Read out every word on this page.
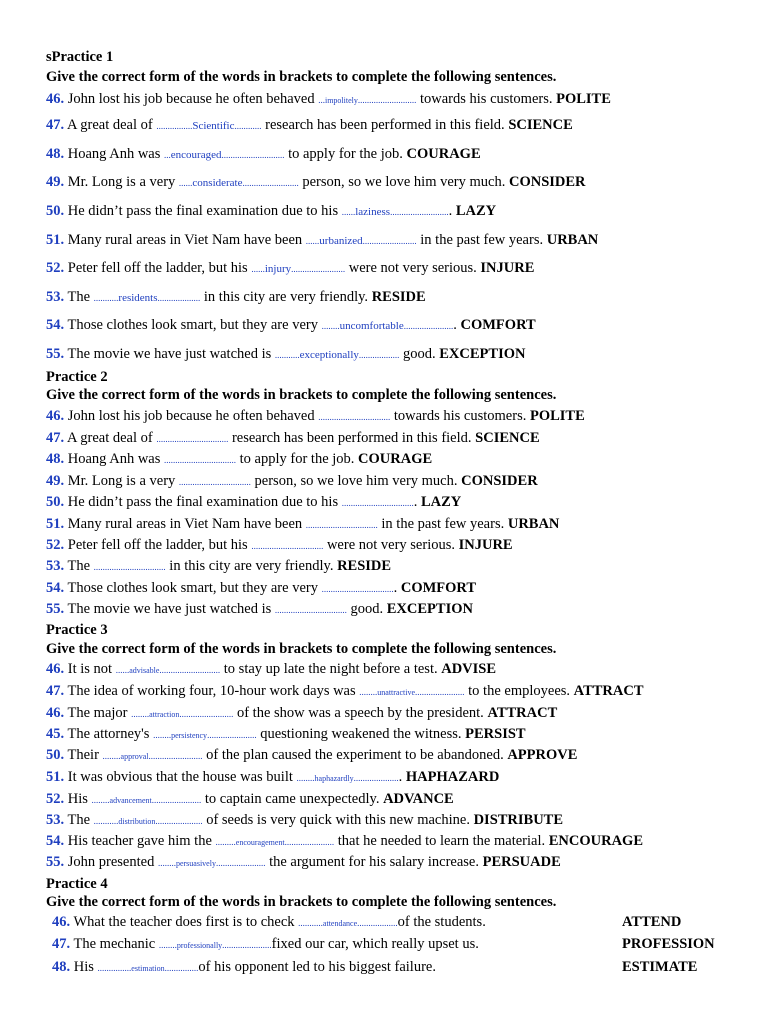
sPractice 1
Give the correct form of the words in brackets to complete the following sentences.
46. John lost his job because he often behaved ...impolitely.......................... towards his customers. POLITE
47. A great deal of ................Scientific............ research has been performed in this field. SCIENCE
48. Hoang Anh was ...encouraged............................ to apply for the job. COURAGE
49. Mr. Long is a very ......considerate......................... person, so we love him very much. CONSIDER
50. He didn’t pass the final examination due to his ......laziness........................... LAZY
51. Many rural areas in Viet Nam have been ......urbanized........................ in the past few years. URBAN
52. Peter fell off the ladder, but his ......injury........................ were not very serious. INJURE
53. The ...........residents................... in this city are very friendly. RESIDE
54. Those clothes look smart, but they are very ........uncomfortable....................... COMFORT
55. The movie we have just watched is ...........exceptionally.................. good. EXCEPTION
Practice 2
Give the correct form of the words in brackets to complete the following sentences.
46. John lost his job because he often behaved ................................ towards his customers. POLITE
47. A great deal of ................................ research has been performed in this field. SCIENCE
48. Hoang Anh was ................................ to apply for the job. COURAGE
49. Mr. Long is a very ................................ person, so we love him very much. CONSIDER
50. He didn’t pass the final examination due to his ................................. LAZY
51. Many rural areas in Viet Nam have been ................................ in the past few years. URBAN
52. Peter fell off the ladder, but his ................................ were not very serious. INJURE
53. The ................................ in this city are very friendly. RESIDE
54. Those clothes look smart, but they are very ................................. COMFORT
55. The movie we have just watched is ................................ good. EXCEPTION
Practice 3
Give the correct form of the words in brackets to complete the following sentences.
46. It is not ......advisable........................... to stay up late the night before a test. ADVISE
47. The idea of working four, 10-hour work days was ........unattractive...................... to the employees. ATTRACT
46. The major ........attraction........................ of the show was a speech by the president. ATTRACT
45. The attorney's ........persistency...................... questioning weakened the witness. PERSIST
50. Their ........approval........................ of the plan caused the experiment to be abandoned. APPROVE
51. It was obvious that the house was built ........haphazardly..................... HAPHAZARD
52. His ........advancement...................... to captain came unexpectedly. ADVANCE
53. The ...........distribution..................... of seeds is very quick with this new machine. DISTRIBUTE
54. His teacher gave him the .........encouragement...................... that he needed to learn the material. ENCOURAGE
55. John presented ........persuasively...................... the argument for his salary increase. PERSUADE
Practice 4
Give the correct form of the words in brackets to complete the following sentences.
46. What the teacher does first is to check ...........attendance..................of the students.	ATTEND
47. The mechanic ........professionally......................fixed our car, which really upset us.	PROFESSION
48. His ...............estimation...............of his opponent led to his biggest failure.	ESTIMATE
